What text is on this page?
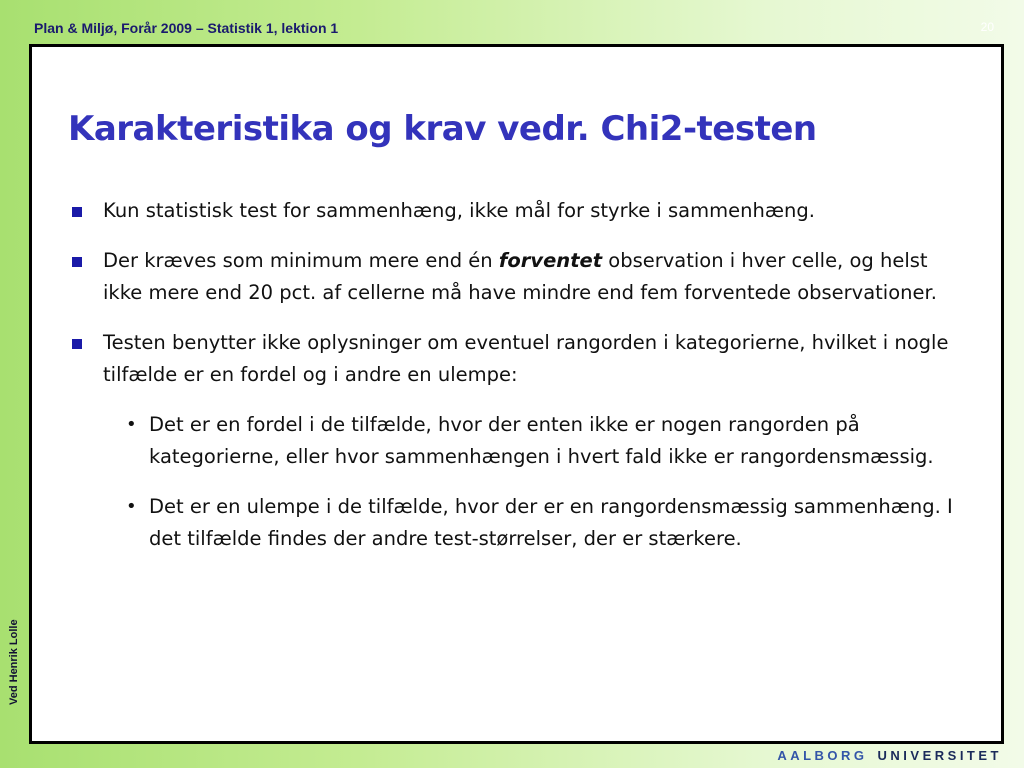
Plan & Miljø, Forår 2009 – Statistik 1, lektion 1	20
Karakteristika og krav vedr. Chi2-testen
Kun statistisk test for sammenhæng, ikke mål for styrke i sammenhæng.
Der kræves som minimum mere end én forventet observation i hver celle, og helst ikke mere end 20 pct. af cellerne må have mindre end fem forventede observationer.
Testen benytter ikke oplysninger om eventuel rangorden i kategorierne, hvilket i nogle tilfælde er en fordel og i andre en ulempe:
• Det er en fordel i de tilfælde, hvor der enten ikke er nogen rangorden på kategorierne, eller hvor sammenhængen i hvert fald ikke er rangordensmæssig.
• Det er en ulempe i de tilfælde, hvor der er en rangordensmæssig sammenhæng. I det tilfælde findes der andre test-størrelser, der er stærkere.
Ved Henrik Lolle
AALBORG UNIVERSITET
